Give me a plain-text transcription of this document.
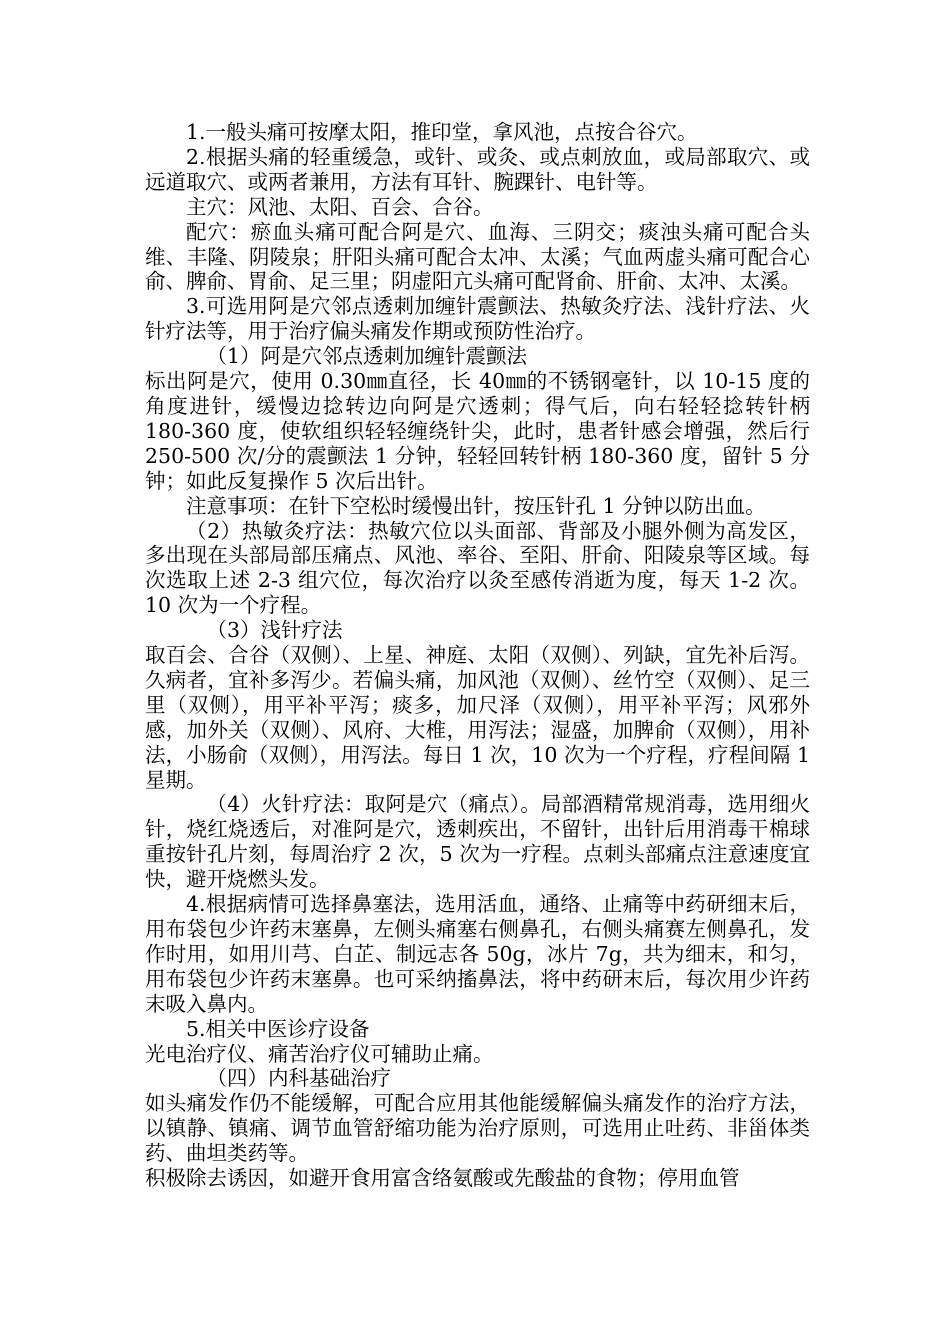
1.一般头痛可按摩太阳，推印堂，拿风池，点按合谷穴。

2.根据头痛的轻重缓急，或针、或灸、或点刺放血，或局部取穴、或远道取穴、或两者兼用，方法有耳针、腕踝针、电针等。

主穴：风池、太阳、百会、合谷。

配穴：瘀血头痛可配合阿是穴、血海、三阴交；痰浊头痛可配合头维、丰隆、阴陵泉；肝阳头痛可配合太冲、太溪；气血两虚头痛可配合心俞、脾俞、胃俞、足三里；阴虚阳亢头痛可配肾俞、肝俞、太冲、太溪。

3.可选用阿是穴邻点透刺加缠针震颤法、热敏灸疗法、浅针疗法、火针疗法等，用于治疗偏头痛发作期或预防性治疗。

（1）阿是穴邻点透刺加缠针震颤法

标出阿是穴，使用 0.30㎜直径，长 40㎜的不锈钢毫针，以 10-15 度的角度进针，缓慢边捻转边向阿是穴透刺；得气后，向右轻轻捻转针柄 180-360 度，使软组织轻轻缠绕针尖，此时，患者针感会增强，然后行 250-500 次/分的震颤法 1 分钟，轻轻回转针柄 180-360 度，留针 5 分钟；如此反复操作 5 次后出针。

注意事项：在针下空松时缓慢出针，按压针孔 1 分钟以防出血。

（2）热敏灸疗法：热敏穴位以头面部、背部及小腿外侧为高发区，多出现在头部局部压痛点、风池、率谷、至阳、肝俞、阳陵泉等区域。每次选取上述 2-3 组穴位，每次治疗以灸至感传消逝为度，每天 1-2 次。10 次为一个疗程。

（3）浅针疗法

取百会、合谷（双侧）、上星、神庭、太阳（双侧）、列缺，宜先补后泻。久病者，宜补多泻少。若偏头痛，加风池（双侧）、丝竹空（双侧）、足三里（双侧），用平补平泻；痰多，加尺泽（双侧），用平补平泻；风邪外感，加外关（双侧）、风府、大椎，用泻法；湿盛，加脾俞（双侧），用补法，小肠俞（双侧），用泻法。每日 1 次，10 次为一个疗程，疗程间隔 1 星期。

（4）火针疗法：取阿是穴（痛点）。局部酒精常规消毒，选用细火针，烧红烧透后，对准阿是穴，透刺疾出，不留针，出针后用消毒干棉球重按针孔片刻，每周治疗 2 次，5 次为一疗程。点刺头部痛点注意速度宜快，避开烧燃头发。

4.根据病情可选择鼻塞法，选用活血，通络、止痛等中药研细末后，用布袋包少许药末塞鼻，左侧头痛塞右侧鼻孔，右侧头痛赛左侧鼻孔，发作时用，如用川芎、白芷、制远志各 50g，冰片 7g，共为细末，和匀，用布袋包少许药末塞鼻。也可采纳搐鼻法，将中药研末后，每次用少许药末吸入鼻内。

5.相关中医诊疗设备

光电治疗仪、痛苦治疗仪可辅助止痛。

（四）内科基础治疗

如头痛发作仍不能缓解，可配合应用其他能缓解偏头痛发作的治疗方法，以镇静、镇痛、调节血管舒缩功能为治疗原则，可选用止吐药、非甾体类药、曲坦类药等。

积极除去诱因，如避开食用富含络氨酸或先酸盐的食物；停用血管
